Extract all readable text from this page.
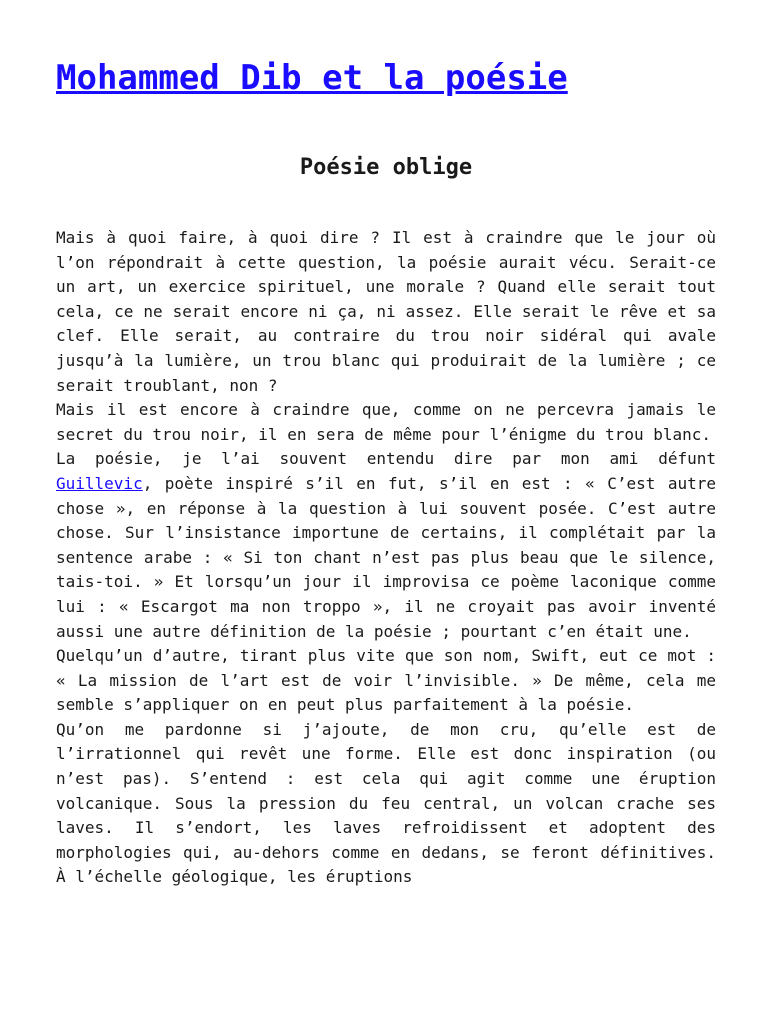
Mohammed Dib et la poésie
Poésie oblige

Mais à quoi faire, à quoi dire ? Il est à craindre que le jour où l’on répondrait à cette question, la poésie aurait vécu. Serait-ce un art, un exercice spirituel, une morale ? Quand elle serait tout cela, ce ne serait encore ni ça, ni assez. Elle serait le rêve et sa clef. Elle serait, au contraire du trou noir sidéral qui avale jusqu’à la lumière, un trou blanc qui produirait de la lumière ; ce serait troublant, non ?

Mais il est encore à craindre que, comme on ne percevra jamais le secret du trou noir, il en sera de même pour l’énigme du trou blanc.

La poésie, je l’ai souvent entendu dire par mon ami défunt Guillevic, poète inspiré s’il en fut, s’il en est : « C’est autre chose », en réponse à la question à lui souvent posée. C’est autre chose. Sur l’insistance importune de certains, il complétait par la sentence arabe : « Si ton chant n’est pas plus beau que le silence, tais-toi. » Et lorsqu’un jour il improvisa ce poème laconique comme lui : « Escargot ma non troppo », il ne croyait pas avoir inventé aussi une autre définition de la poésie ; pourtant c’en était une.

Quelqu’un d’autre, tirant plus vite que son nom, Swift, eut ce mot : « La mission de l’art est de voir l’invisible. » De même, cela me semble s’appliquer on en peut plus parfaitement à la poésie.

Qu’on me pardonne si j’ajoute, de mon cru, qu’elle est de l’irrationnel qui revêt une forme. Elle est donc inspiration (ou n’est pas). S’entend : est cela qui agit comme une éruption volcanique. Sous la pression du feu central, un volcan crache ses laves. Il s’endort, les laves refroidissent et adoptent des morphologies qui, au-dehors comme en dedans, se feront définitives. À l’échelle géologique, les éruptions
